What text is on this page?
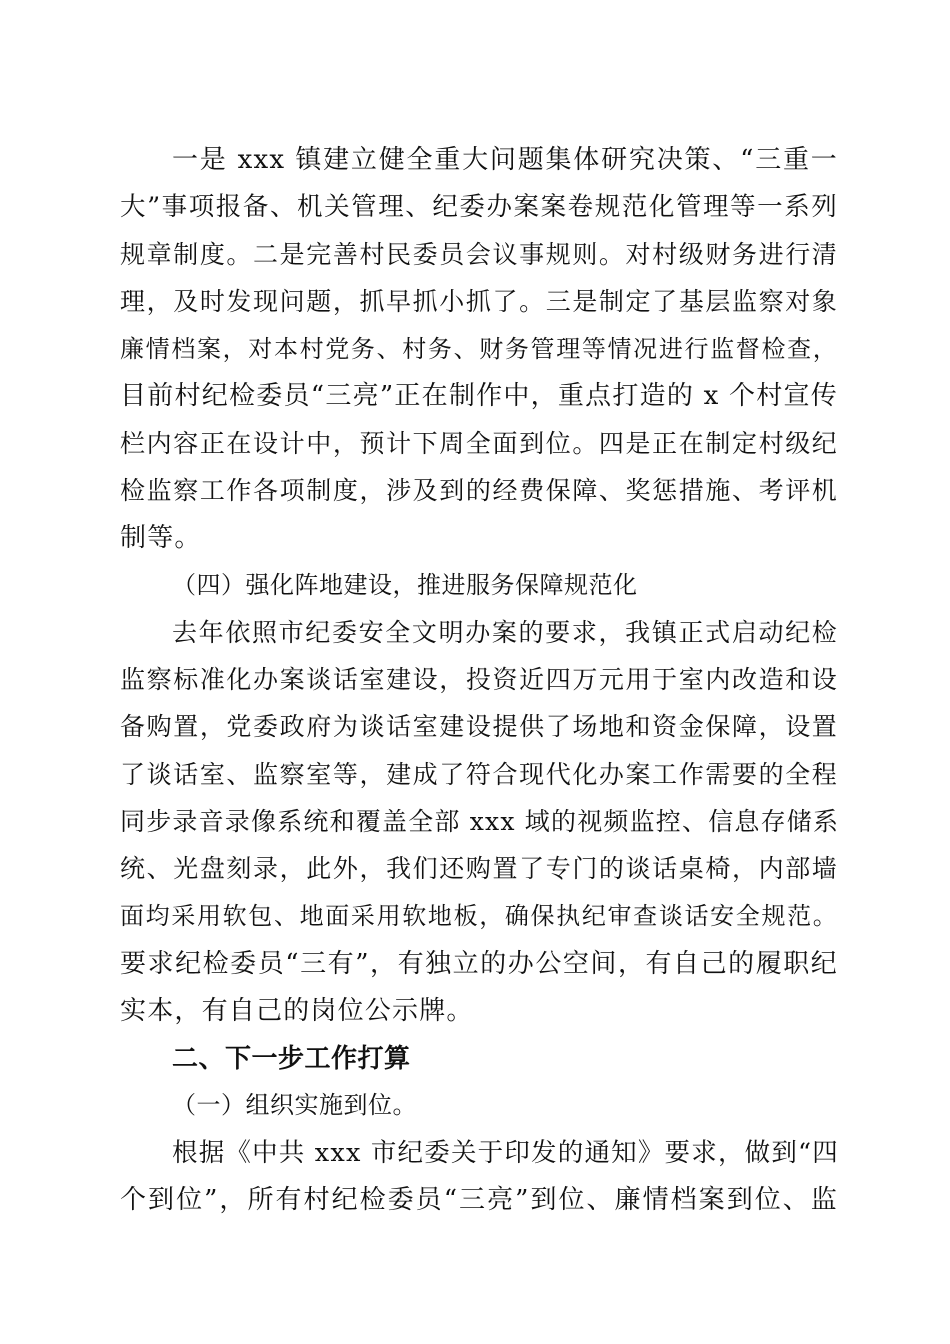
一是 xxx 镇建立健全重大问题集体研究决策、“三重一
大”事项报备、机关管理、纪委办案案卷规范化管理等一系列
规章制度。二是完善村民委员会议事规则。对村级财务进行清
理，及时发现问题，抓早抓小抓了。三是制定了基层监察对象
廉情档案，对本村党务、村务、财务管理等情况进行监督检查，
目前村纪检委员“三亮”正在制作中，重点打造的 x 个村宣传
栏内容正在设计中，预计下周全面到位。四是正在制定村级纪
检监察工作各项制度，涉及到的经费保障、奖惩措施、考评机
制等。
（四）强化阵地建设，推进服务保障规范化
去年依照市纪委安全文明办案的要求，我镇正式启动纪检
监察标准化办案谈话室建设，投资近四万元用于室内改造和设
备购置，党委政府为谈话室建设提供了场地和资金保障，设置
了谈话室、监察室等，建成了符合现代化办案工作需要的全程
同步录音录像系统和覆盖全部 xxx 域的视频监控、信息存储系
统、光盘刻录，此外，我们还购置了专门的谈话桌椅，内部墙
面均采用软包、地面采用软地板，确保执纪审查谈话安全规范。
要求纪检委员“三有”，有独立的办公空间，有自己的履职纪
实本，有自己的岗位公示牌。
二、下一步工作打算
（一）组织实施到位。
根据《中共 xxx 市纪委关于印发的通知》要求，做到“四
个到位”，所有村纪检委员“三亮”到位、廉情档案到位、监
